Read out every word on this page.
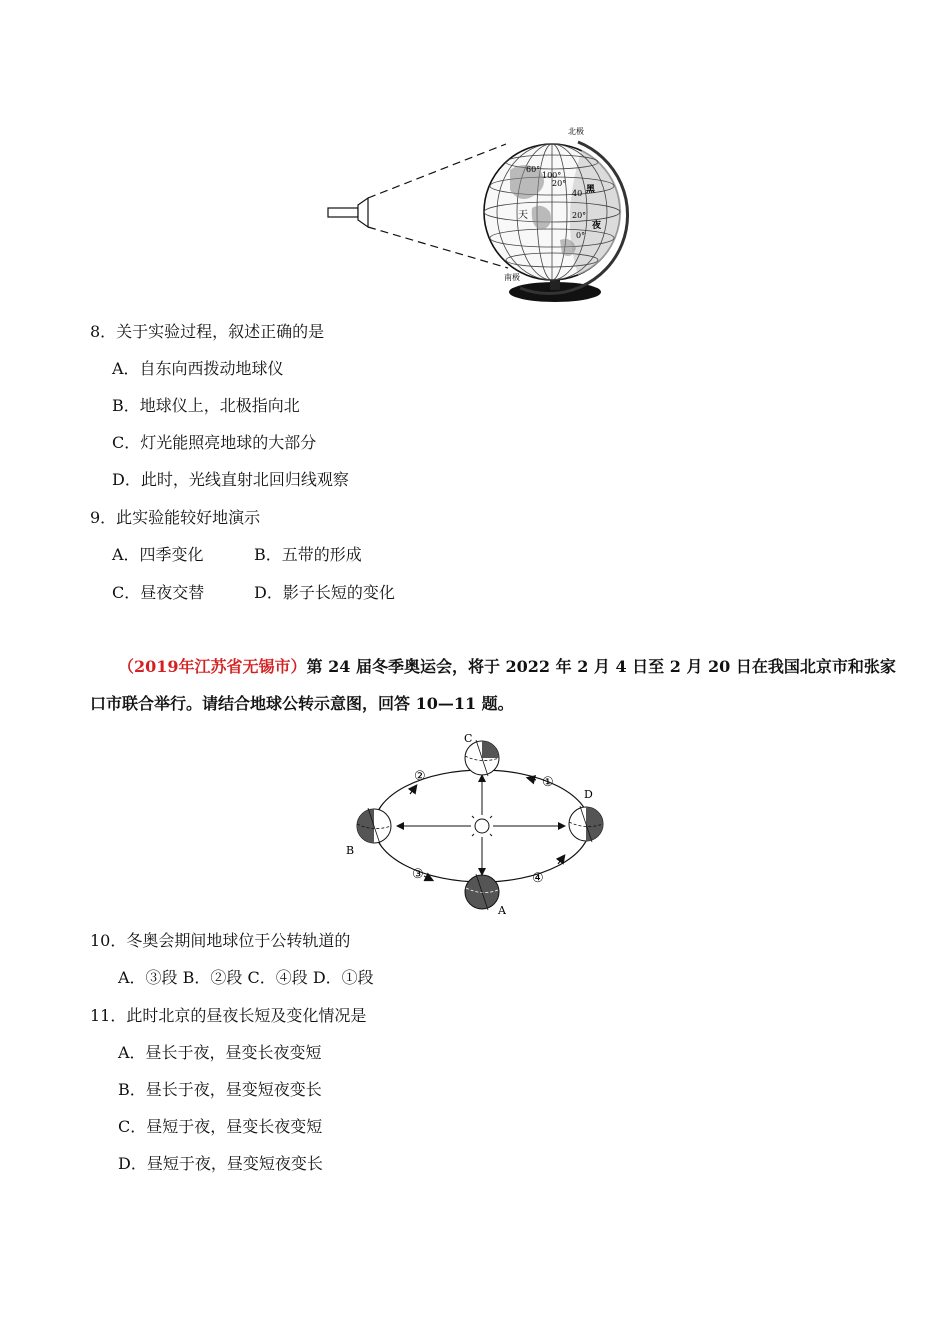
北极
南极
60°
100°
20°
40
20°
0°
黑
夜
天
8．关于实验过程，叙述正确的是
A．自东向西拨动地球仪
B．地球仪上，北极指向北
C．灯光能照亮地球的大部分
D．此时，光线直射北回归线观察
9．此实验能较好地演示
A．四季变化	B．五带的形成
C．昼夜交替	D．影子长短的变化
（2019年江苏省无锡市）第 24 届冬季奥运会，将于 2022 年 2 月 4 日至 2 月 20 日在我国北京市和张家
口市联合举行。请结合地球公转示意图，回答 10—11 题。
A
B
C
D
①
②
③	④
10．冬奥会期间地球位于公转轨道的
A．③段 B．②段 C．④段 D．①段
11．此时北京的昼夜长短及变化情况是
A．昼长于夜，昼变长夜变短
B．昼长于夜，昼变短夜变长
C．昼短于夜，昼变长夜变短
D．昼短于夜，昼变短夜变长
